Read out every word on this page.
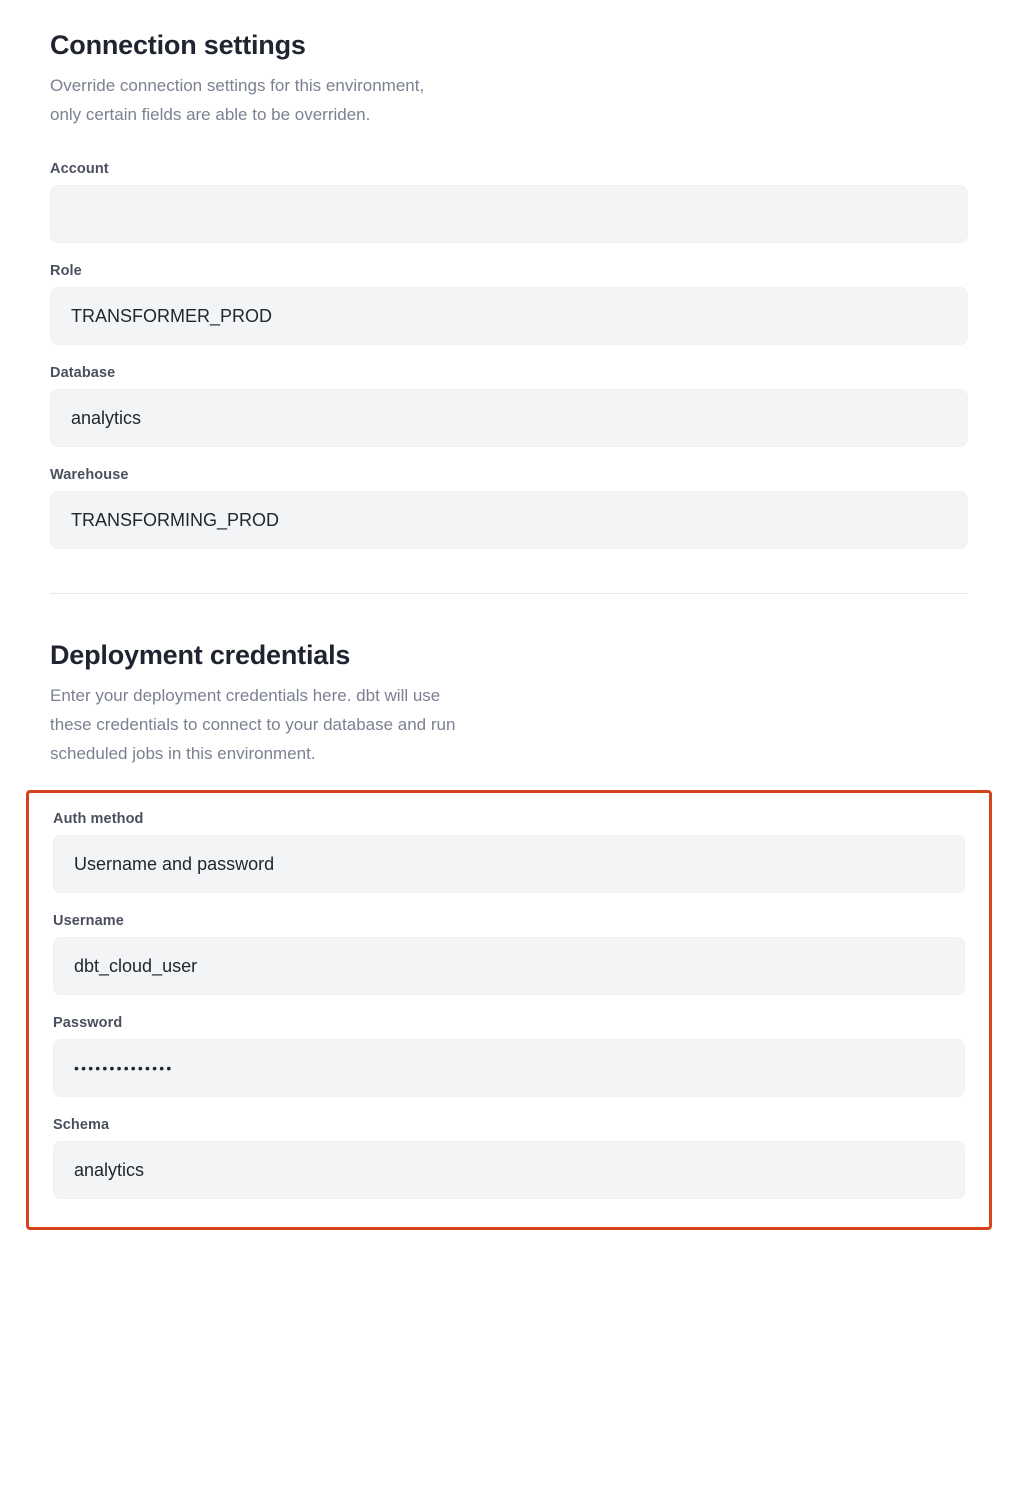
Connection settings

Override connection settings for this environment,
only certain fields are able to be overriden.

Account
Role
TRANSFORMER_PROD
Database
analytics
Warehouse
TRANSFORMING_PROD
Deployment credentials

Enter your deployment credentials here. dbt will use
these credentials to connect to your database and run
scheduled jobs in this environment.

Auth method
Username and password
Username
dbt_cloud_user
Password
••••••••••••••
Schema
analytics
